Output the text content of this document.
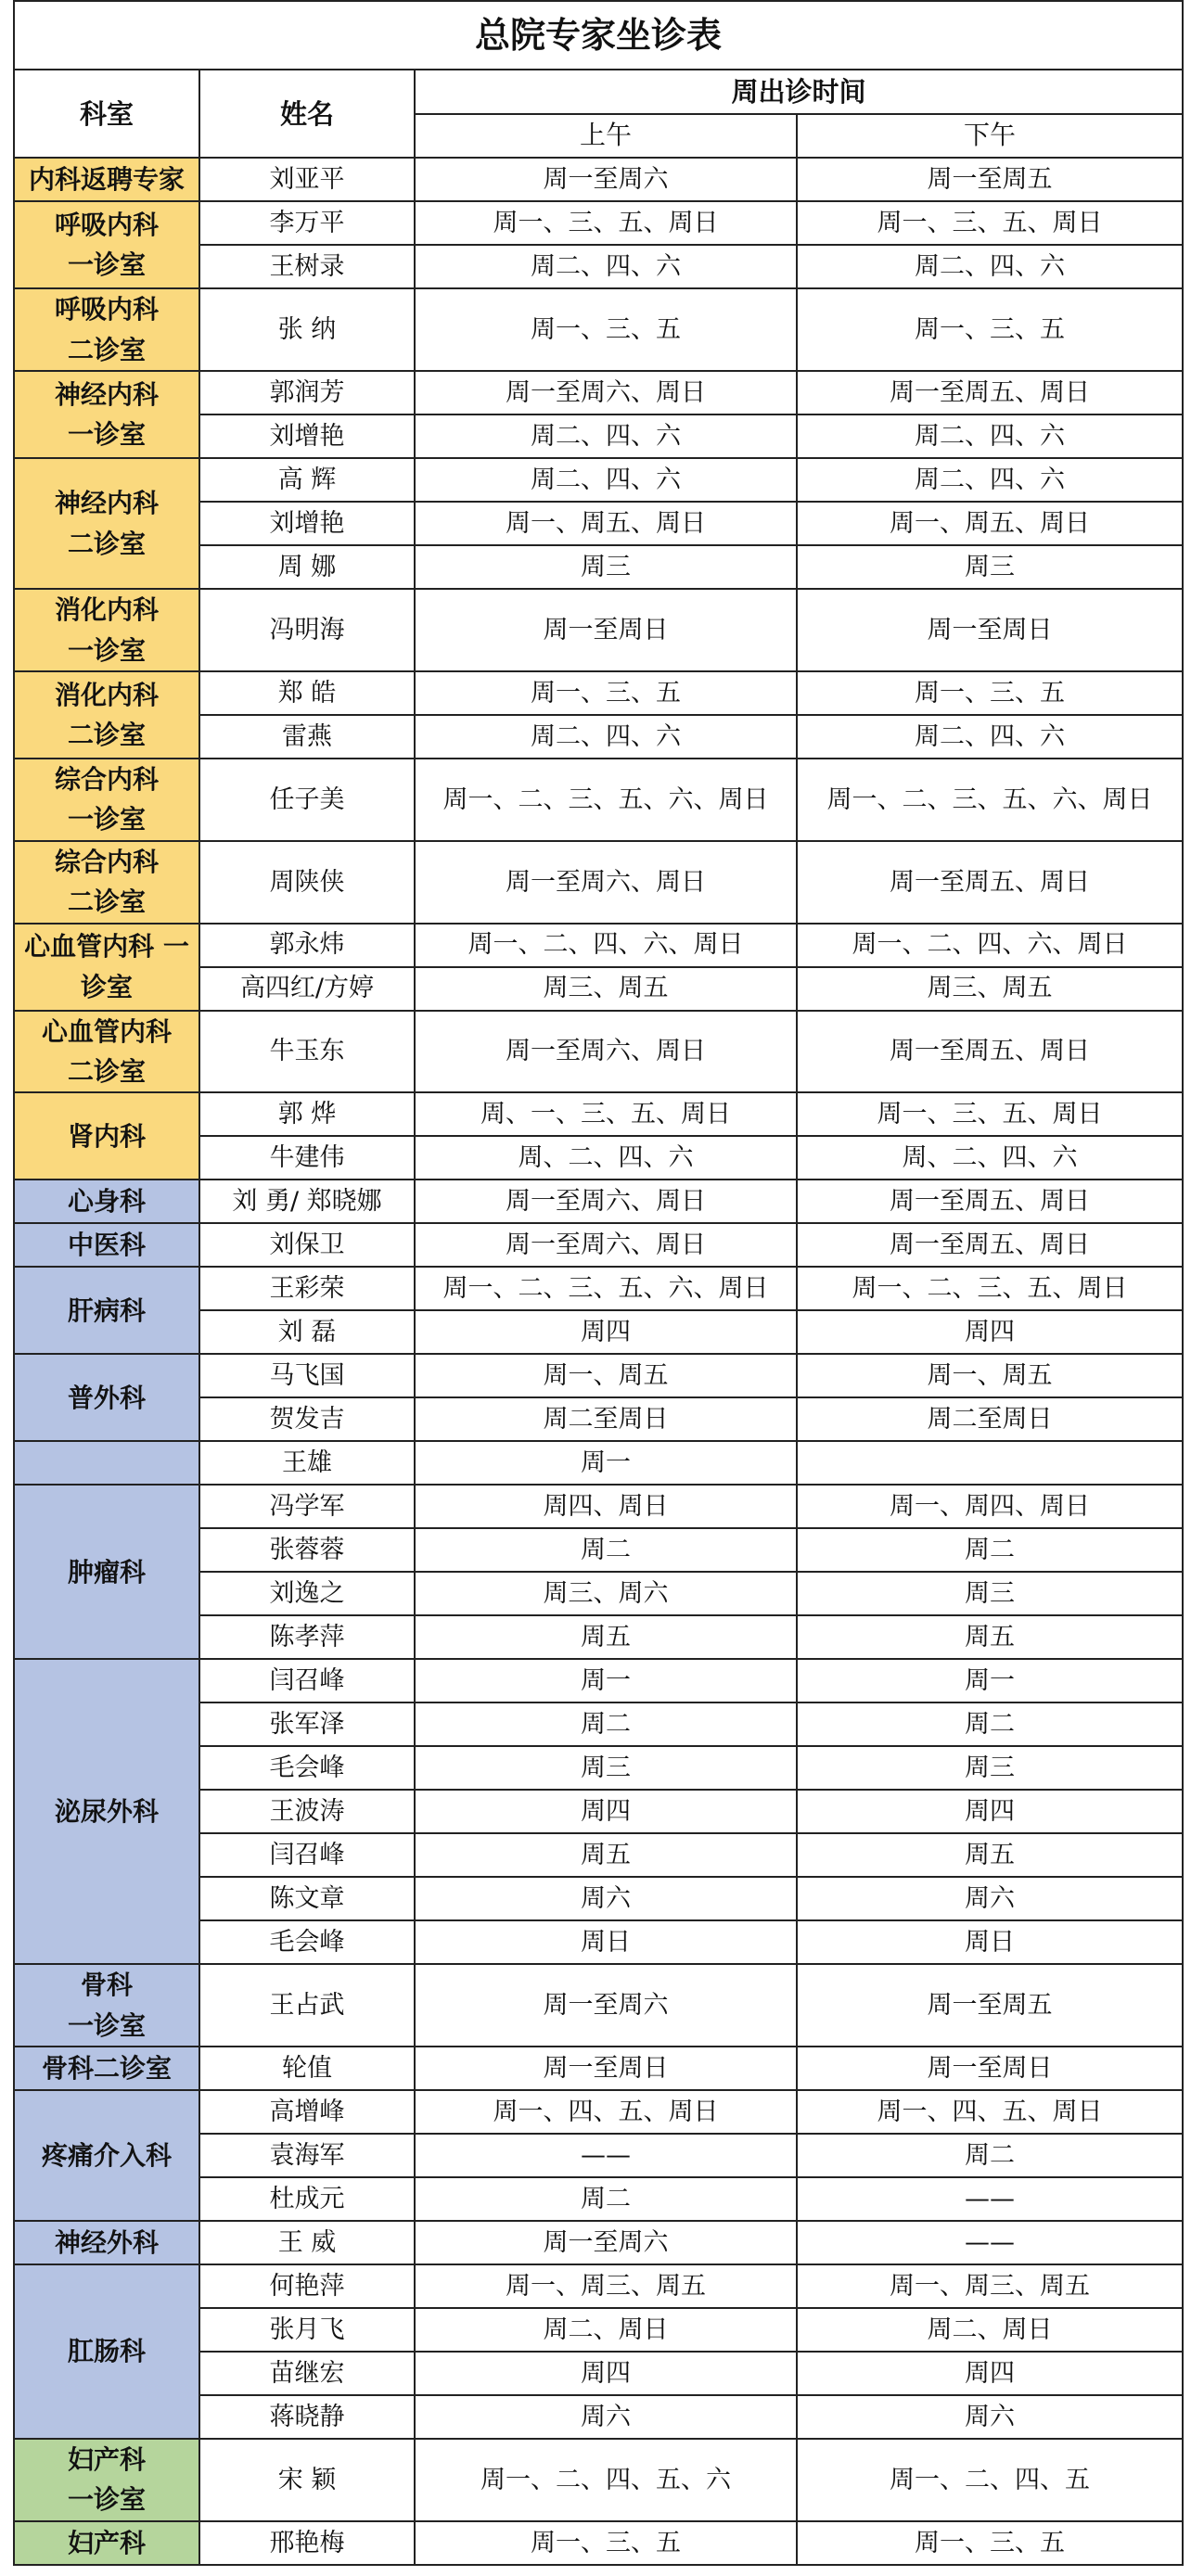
总院专家坐诊表			
科室	姓名	周出诊时间	
		上午	下午
内科返聘专家	刘亚平	周一至周六	周一至周五
呼吸内科
一诊室	李万平	周一、三、五、周日	周一、三、五、周日
	王树录	周二、四、六	周二、四、六
呼吸内科
二诊室	张 纳	周一、三、五	周一、三、五
神经内科
一诊室	郭润芳	周一至周六、周日	周一至周五、周日
	刘增艳	周二、四、六	周二、四、六
神经内科
二诊室	高 辉	周二、四、六	周二、四、六
	刘增艳	周一、周五、周日	周一、周五、周日
	周 娜	周三	周三
消化内科
一诊室	冯明海	周一至周日	周一至周日
消化内科
二诊室	郑 皓	周一、三、五	周一、三、五
	雷燕	周二、四、六	周二、四、六
综合内科
一诊室	任子美	周一、二、三、五、六、周日	周一、二、三、五、六、周日
综合内科
二诊室	周陕侠	周一至周六、周日	周一至周五、周日
心血管内科 一
诊室	郭永炜	周一、二、四、六、周日	周一、二、四、六、周日
	高四红/方婷	周三、周五	周三、周五
心血管内科
二诊室	牛玉东	周一至周六、周日	周一至周五、周日
肾内科	郭 烨	周、一、三、五、周日	周一、三、五、周日
	牛建伟	周、二、四、六	周、二、四、六
心身科	刘 勇/ 郑晓娜	周一至周六、周日	周一至周五、周日
中医科	刘保卫	周一至周六、周日	周一至周五、周日
肝病科	王彩荣	周一、二、三、五、六、周日	周一、二、三、五、周日
	刘 磊	周四	周四
普外科	马飞国	周一、周五	周一、周五
	贺发吉	周二至周日	周二至周日
	王雄	周一	
肿瘤科	冯学军	周四、周日	周一、周四、周日
	张蓉蓉	周二	周二
	刘逸之	周三、周六	周三
	陈孝萍	周五	周五
泌尿外科	闫召峰	周一	周一
	张军泽	周二	周二
	毛会峰	周三	周三
	王波涛	周四	周四
	闫召峰	周五	周五
	陈文章	周六	周六
	毛会峰	周日	周日
骨科
一诊室	王占武	周一至周六	周一至周五
骨科二诊室	轮值	周一至周日	周一至周日
疼痛介入科	高增峰	周一、四、五、周日	周一、四、五、周日
	袁海军	——	周二
	杜成元	周二	——
神经外科	王 威	周一至周六	——
肛肠科	何艳萍	周一、周三、周五	周一、周三、周五
	张月飞	周二、周日	周二、周日
	苗继宏	周四	周四
	蒋晓静	周六	周六
妇产科
一诊室	宋 颖	周一、二、四、五、六	周一、二、四、五
妇产科	邢艳梅	周一、三、五	周一、三、五
